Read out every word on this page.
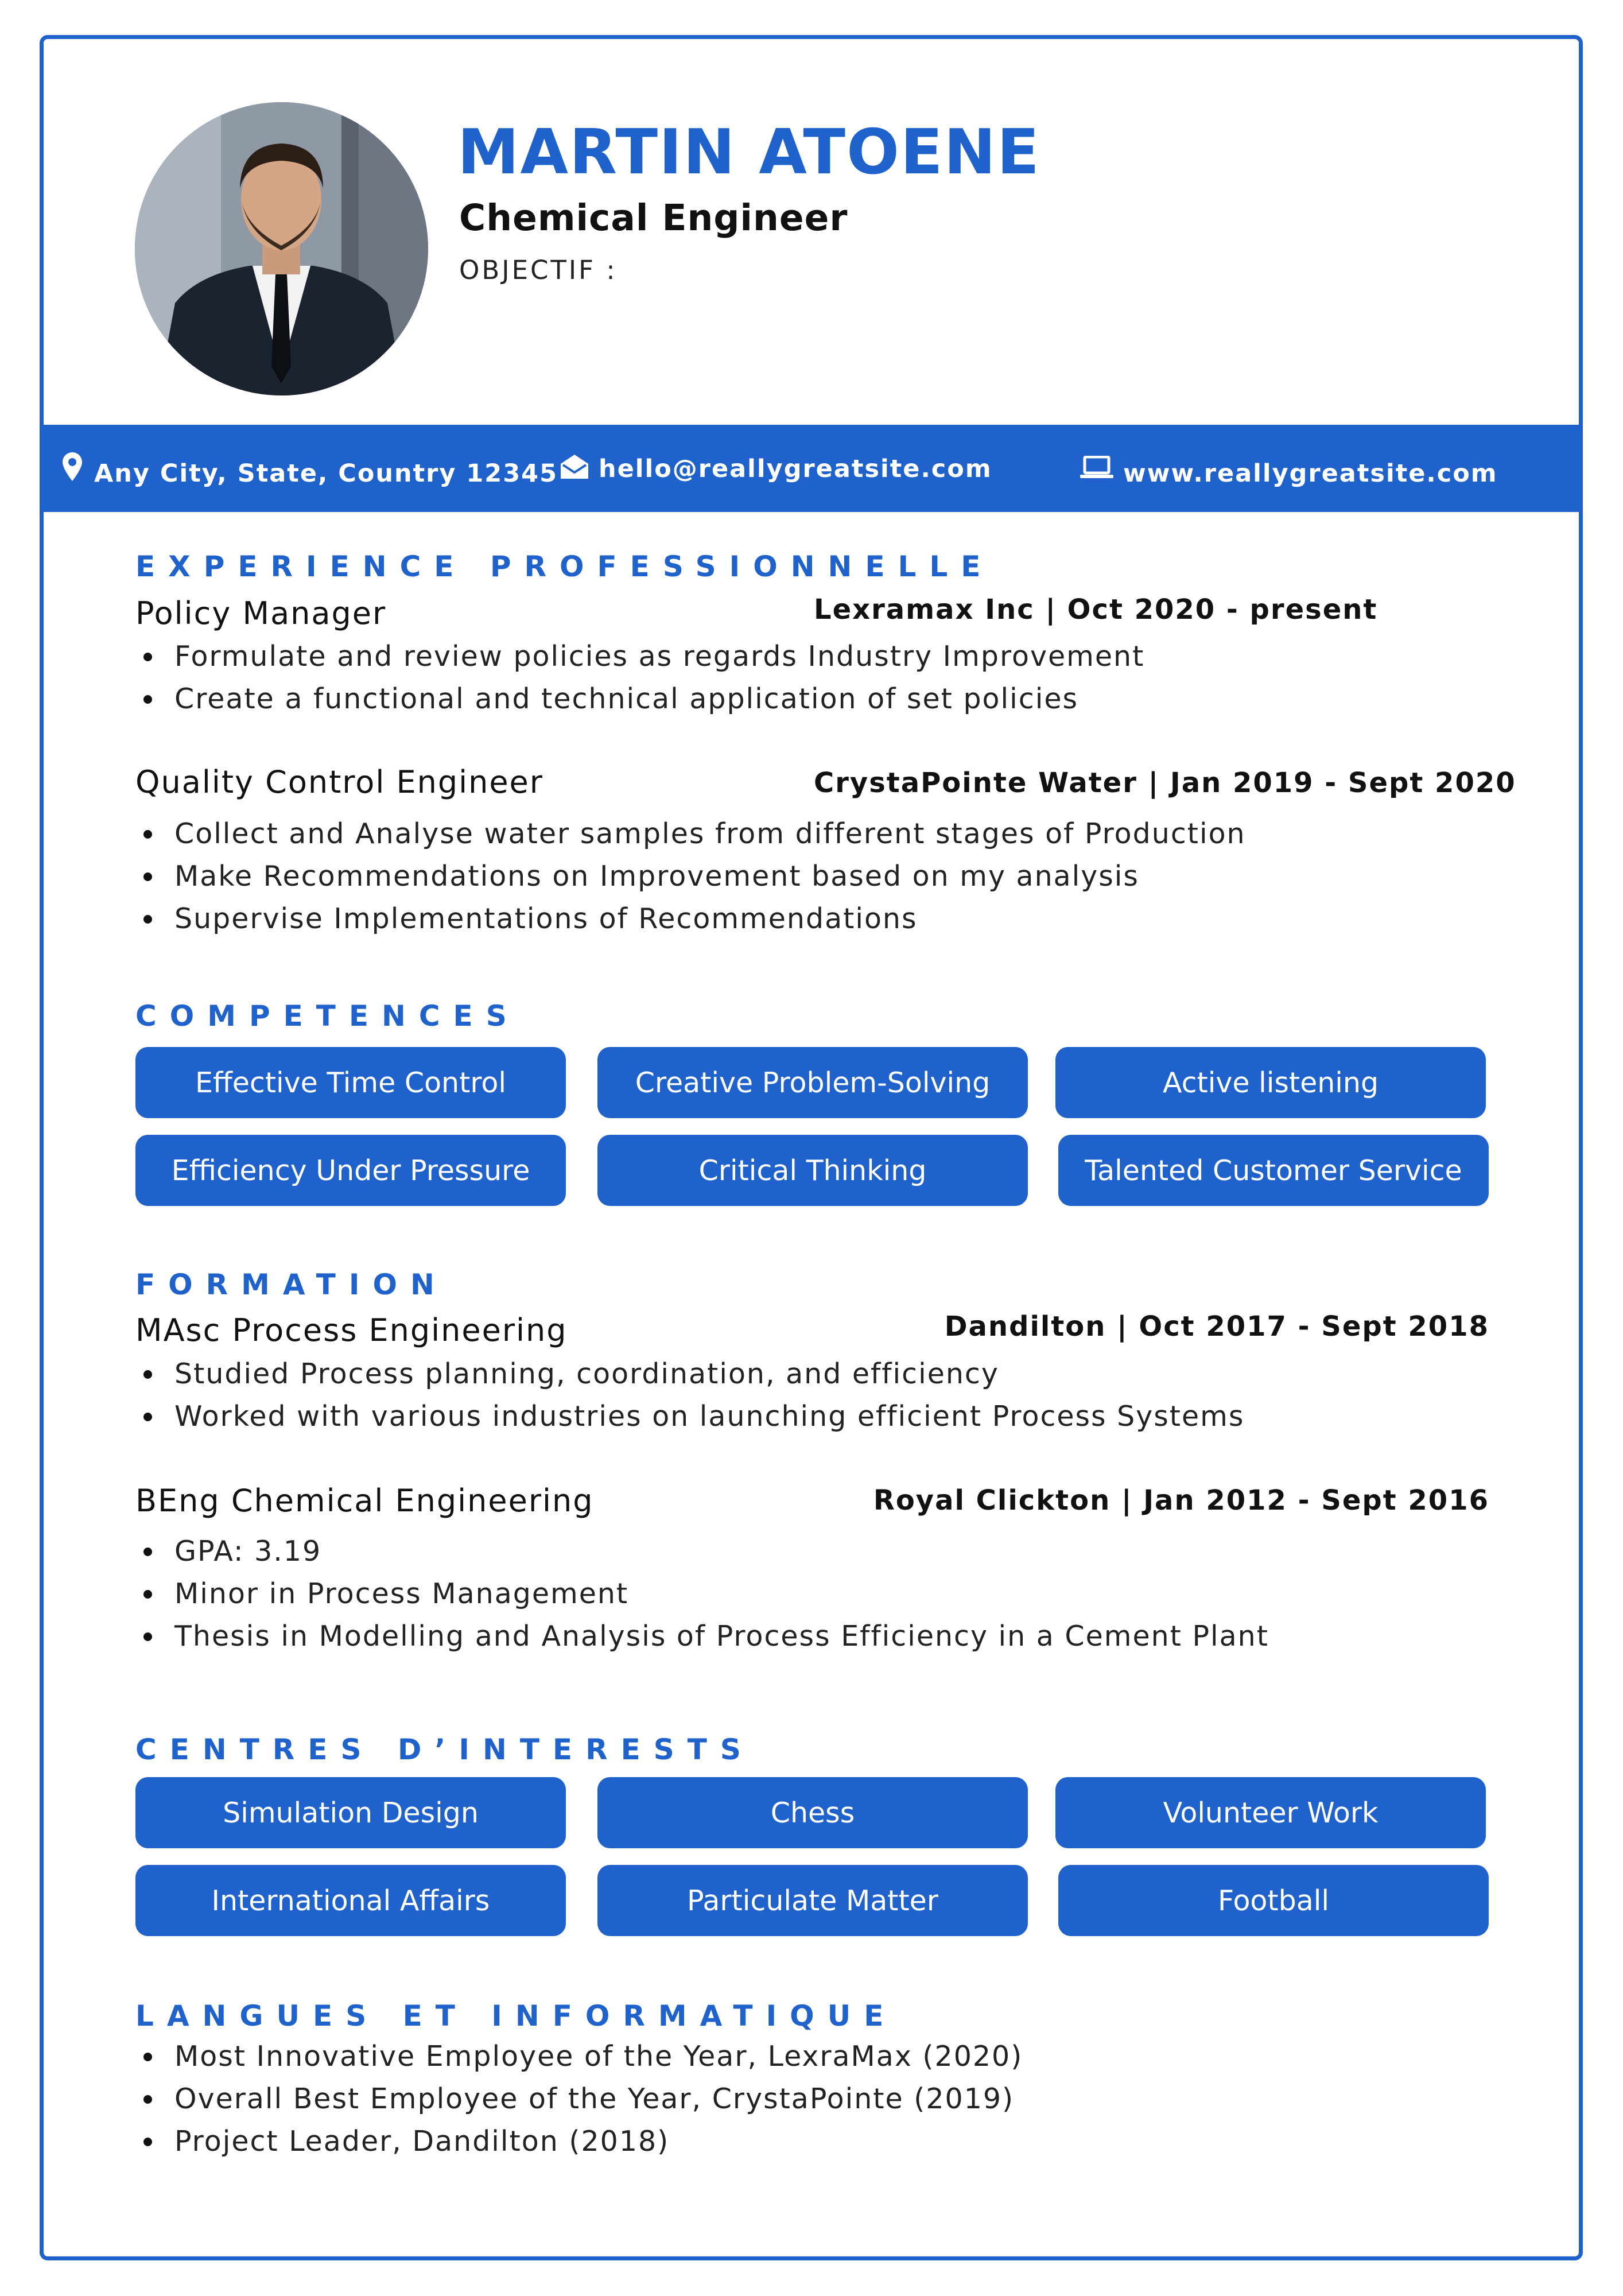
MARTIN ATOENE
Chemical Engineer
OBJECTIF :
Any City, State, Country 12345 hello@reallygreatsite.com	www.reallygreatsite.com
EXPERIENCE PROFESSIONNELLE
Policy Manager	Lexramax Inc | Oct 2020 - present
Formulate and review policies as regards Industry Improvement
Create a functional and technical application of set policies
Quality Control Engineer	CrystaPointe Water | Jan 2019 - Sept 2020
Collect and Analyse water samples from different stages of Production
Make Recommendations on Improvement based on my analysis
Supervise Implementations of Recommendations
COMPETENCES
Effective Time Control	Creative Problem-Solving	Active listening
Efficiency Under Pressure	Critical Thinking	Talented Customer Service
FORMATION
MAsc Process Engineering	Dandilton | Oct 2017 - Sept 2018
Studied Process planning, coordination, and efficiency
Worked with various industries on launching efficient Process Systems
BEng Chemical Engineering	Royal Clickton | Jan 2012 - Sept 2016
GPA: 3.19
Minor in Process Management
Thesis in Modelling and Analysis of Process Efficiency in a Cement Plant
CENTRES D’INTERESTS
Simulation Design	Chess	Volunteer Work
International Affairs	Particulate Matter	Football
LANGUES ET INFORMATIQUE
Most Innovative Employee of the Year, LexraMax (2020)
Overall Best Employee of the Year, CrystaPointe (2019)
Project Leader, Dandilton (2018)
